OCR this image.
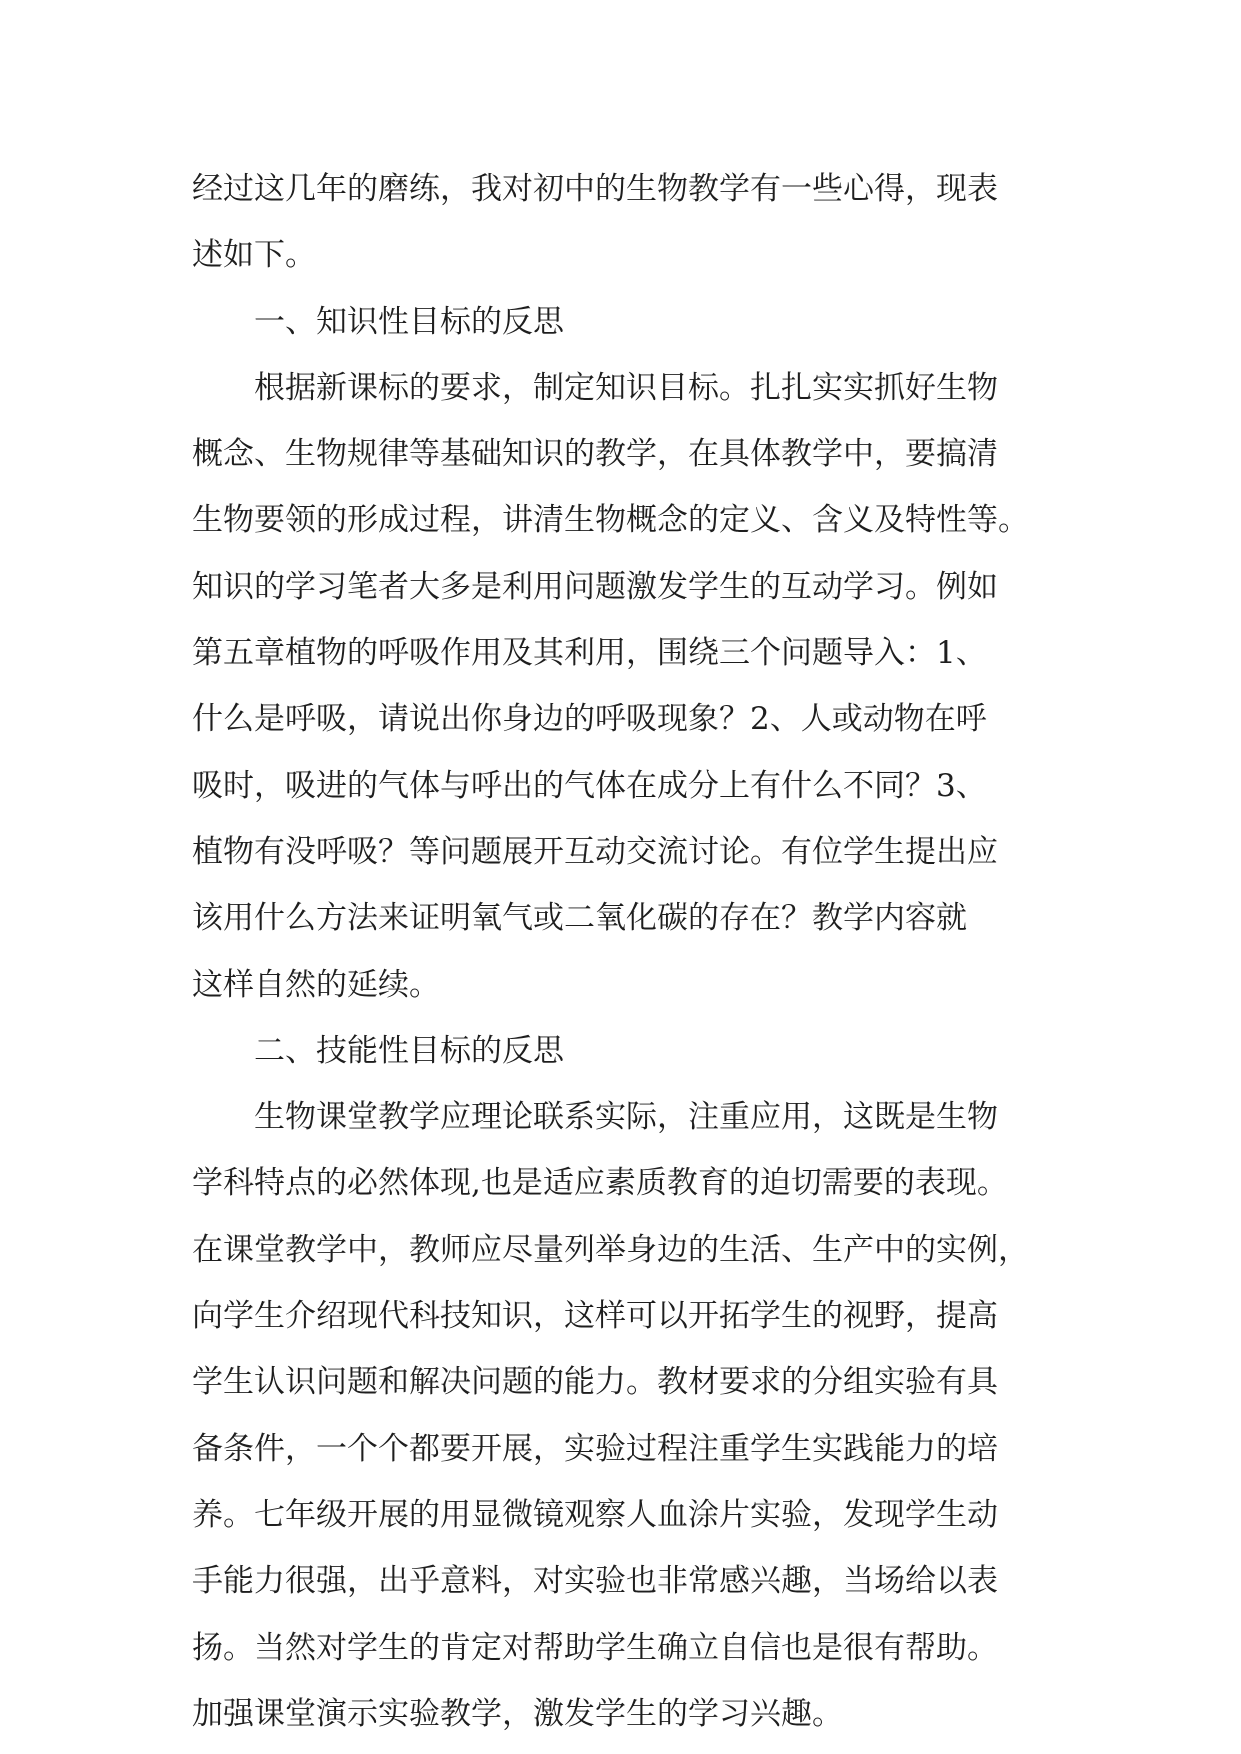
经过这几年的磨练，我对初中的生物教学有一些心得，现表
述如下。
一、知识性目标的反思
根据新课标的要求，制定知识目标。扎扎实实抓好生物
概念、生物规律等基础知识的教学，在具体教学中，要搞清
生物要领的形成过程，讲清生物概念的定义、含义及特性等。
知识的学习笔者大多是利用问题激发学生的互动学习。例如
第五章植物的呼吸作用及其利用，围绕三个问题导入：1、
什么是呼吸，请说出你身边的呼吸现象？2、人或动物在呼
吸时，吸进的气体与呼出的气体在成分上有什么不同？3、
植物有没呼吸？等问题展开互动交流讨论。有位学生提出应
该用什么方法来证明氧气或二氧化碳的存在？教学内容就
这样自然的延续。
二、技能性目标的反思
生物课堂教学应理论联系实际，注重应用，这既是生物
学科特点的必然体现,也是适应素质教育的迫切需要的表现。
在课堂教学中，教师应尽量列举身边的生活、生产中的实例，
向学生介绍现代科技知识，这样可以开拓学生的视野，提高
学生认识问题和解决问题的能力。教材要求的分组实验有具
备条件，一个个都要开展，实验过程注重学生实践能力的培
养。七年级开展的用显微镜观察人血涂片实验，发现学生动
手能力很强，出乎意料，对实验也非常感兴趣，当场给以表
扬。当然对学生的肯定对帮助学生确立自信也是很有帮助。
加强课堂演示实验教学，激发学生的学习兴趣。
